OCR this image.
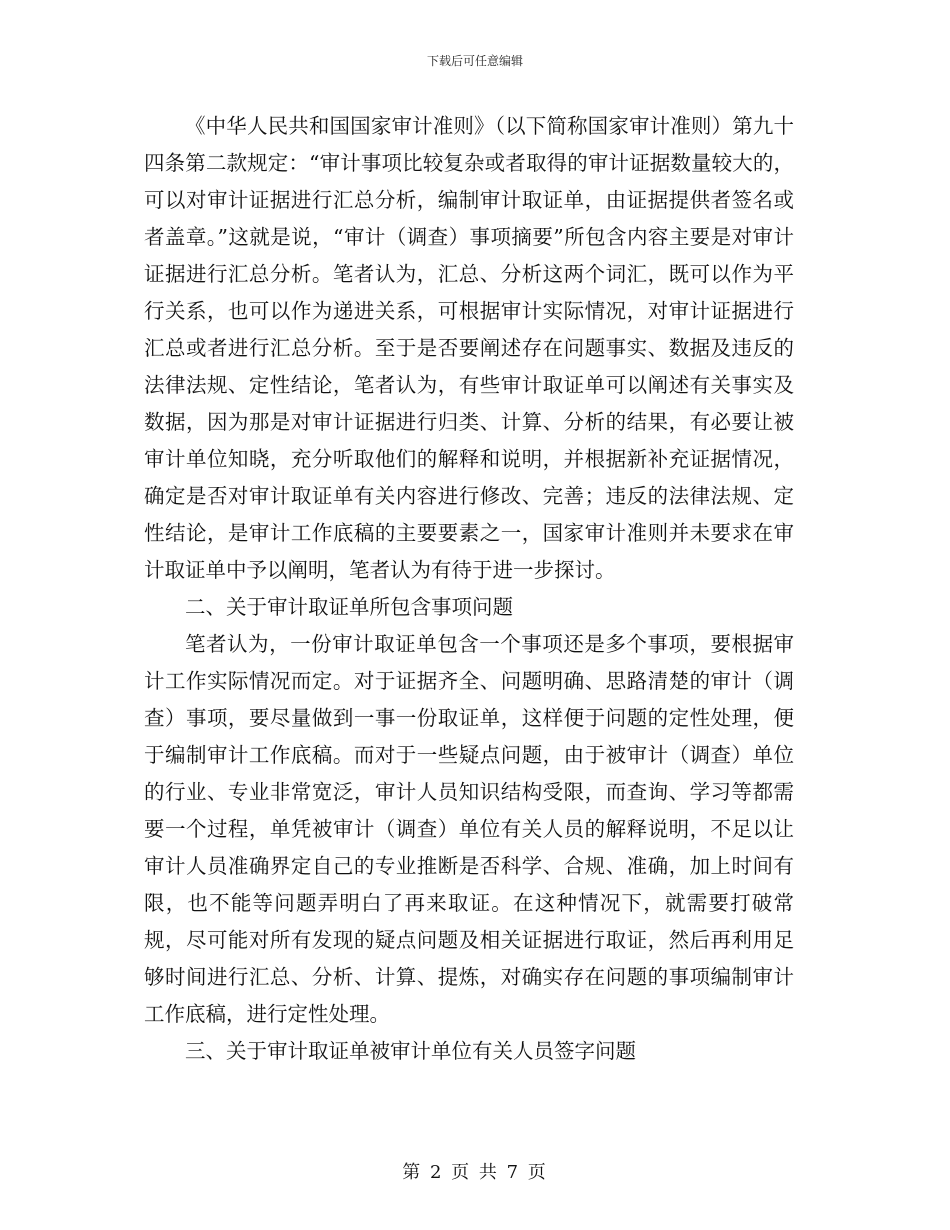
下载后可任意编辑

《中华人民共和国国家审计准则》（以下简称国家审计准则）第九十四条第二款规定：“审计事项比较复杂或者取得的审计证据数量较大的，可以对审计证据进行汇总分析，编制审计取证单，由证据提供者签名或者盖章。”这就是说，“审计（调查）事项摘要”所包含内容主要是对审计证据进行汇总分析。笔者认为，汇总、分析这两个词汇，既可以作为平行关系，也可以作为递进关系，可根据审计实际情况，对审计证据进行汇总或者进行汇总分析。至于是否要阐述存在问题事实、数据及违反的法律法规、定性结论，笔者认为，有些审计取证单可以阐述有关事实及数据，因为那是对审计证据进行归类、计算、分析的结果，有必要让被审计单位知晓，充分听取他们的解释和说明，并根据新补充证据情况，确定是否对审计取证单有关内容进行修改、完善；违反的法律法规、定性结论，是审计工作底稿的主要要素之一，国家审计准则并未要求在审计取证单中予以阐明，笔者认为有待于进一步探讨。

二、关于审计取证单所包含事项问题

笔者认为，一份审计取证单包含一个事项还是多个事项，要根据审计工作实际情况而定。对于证据齐全、问题明确、思路清楚的审计（调查）事项，要尽量做到一事一份取证单，这样便于问题的定性处理，便于编制审计工作底稿。而对于一些疑点问题，由于被审计（调查）单位的行业、专业非常宽泛，审计人员知识结构受限，而查询、学习等都需要一个过程，单凭被审计（调查）单位有关人员的解释说明，不足以让审计人员准确界定自己的专业推断是否科学、合规、准确，加上时间有限，也不能等问题弄明白了再来取证。在这种情况下，就需要打破常规，尽可能对所有发现的疑点问题及相关证据进行取证，然后再利用足够时间进行汇总、分析、计算、提炼，对确实存在问题的事项编制审计工作底稿，进行定性处理。

三、关于审计取证单被审计单位有关人员签字问题

第 2 页 共 7 页
